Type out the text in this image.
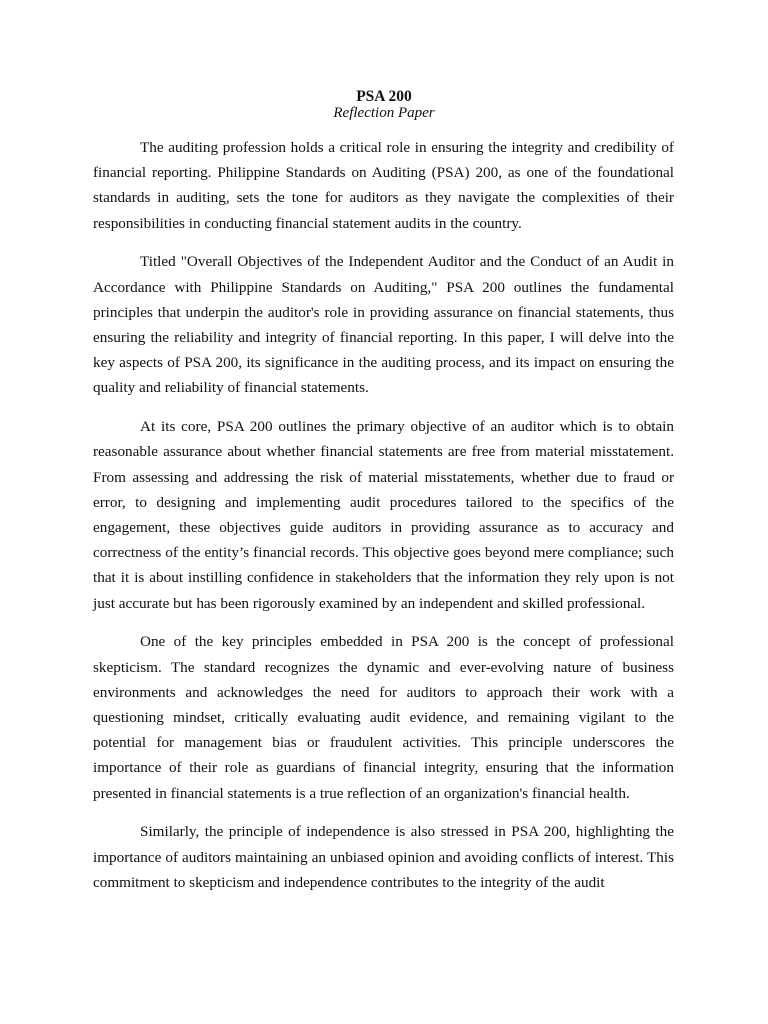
PSA 200
Reflection Paper

The auditing profession holds a critical role in ensuring the integrity and credibility of financial reporting. Philippine Standards on Auditing (PSA) 200, as one of the foundational standards in auditing, sets the tone for auditors as they navigate the complexities of their responsibilities in conducting financial statement audits in the country.

Titled "Overall Objectives of the Independent Auditor and the Conduct of an Audit in Accordance with Philippine Standards on Auditing," PSA 200 outlines the fundamental principles that underpin the auditor's role in providing assurance on financial statements, thus ensuring the reliability and integrity of financial reporting. In this paper, I will delve into the key aspects of PSA 200, its significance in the auditing process, and its impact on ensuring the quality and reliability of financial statements.

At its core, PSA 200 outlines the primary objective of an auditor which is to obtain reasonable assurance about whether financial statements are free from material misstatement. From assessing and addressing the risk of material misstatements, whether due to fraud or error, to designing and implementing audit procedures tailored to the specifics of the engagement, these objectives guide auditors in providing assurance as to accuracy and correctness of the entity’s financial records. This objective goes beyond mere compliance; such that it is about instilling confidence in stakeholders that the information they rely upon is not just accurate but has been rigorously examined by an independent and skilled professional.

One of the key principles embedded in PSA 200 is the concept of professional skepticism. The standard recognizes the dynamic and ever-evolving nature of business environments and acknowledges the need for auditors to approach their work with a questioning mindset, critically evaluating audit evidence, and remaining vigilant to the potential for management bias or fraudulent activities. This principle underscores the importance of their role as guardians of financial integrity, ensuring that the information presented in financial statements is a true reflection of an organization's financial health.

Similarly, the principle of independence is also stressed in PSA 200, highlighting the importance of auditors maintaining an unbiased opinion and avoiding conflicts of interest. This commitment to skepticism and independence contributes to the integrity of the audit
